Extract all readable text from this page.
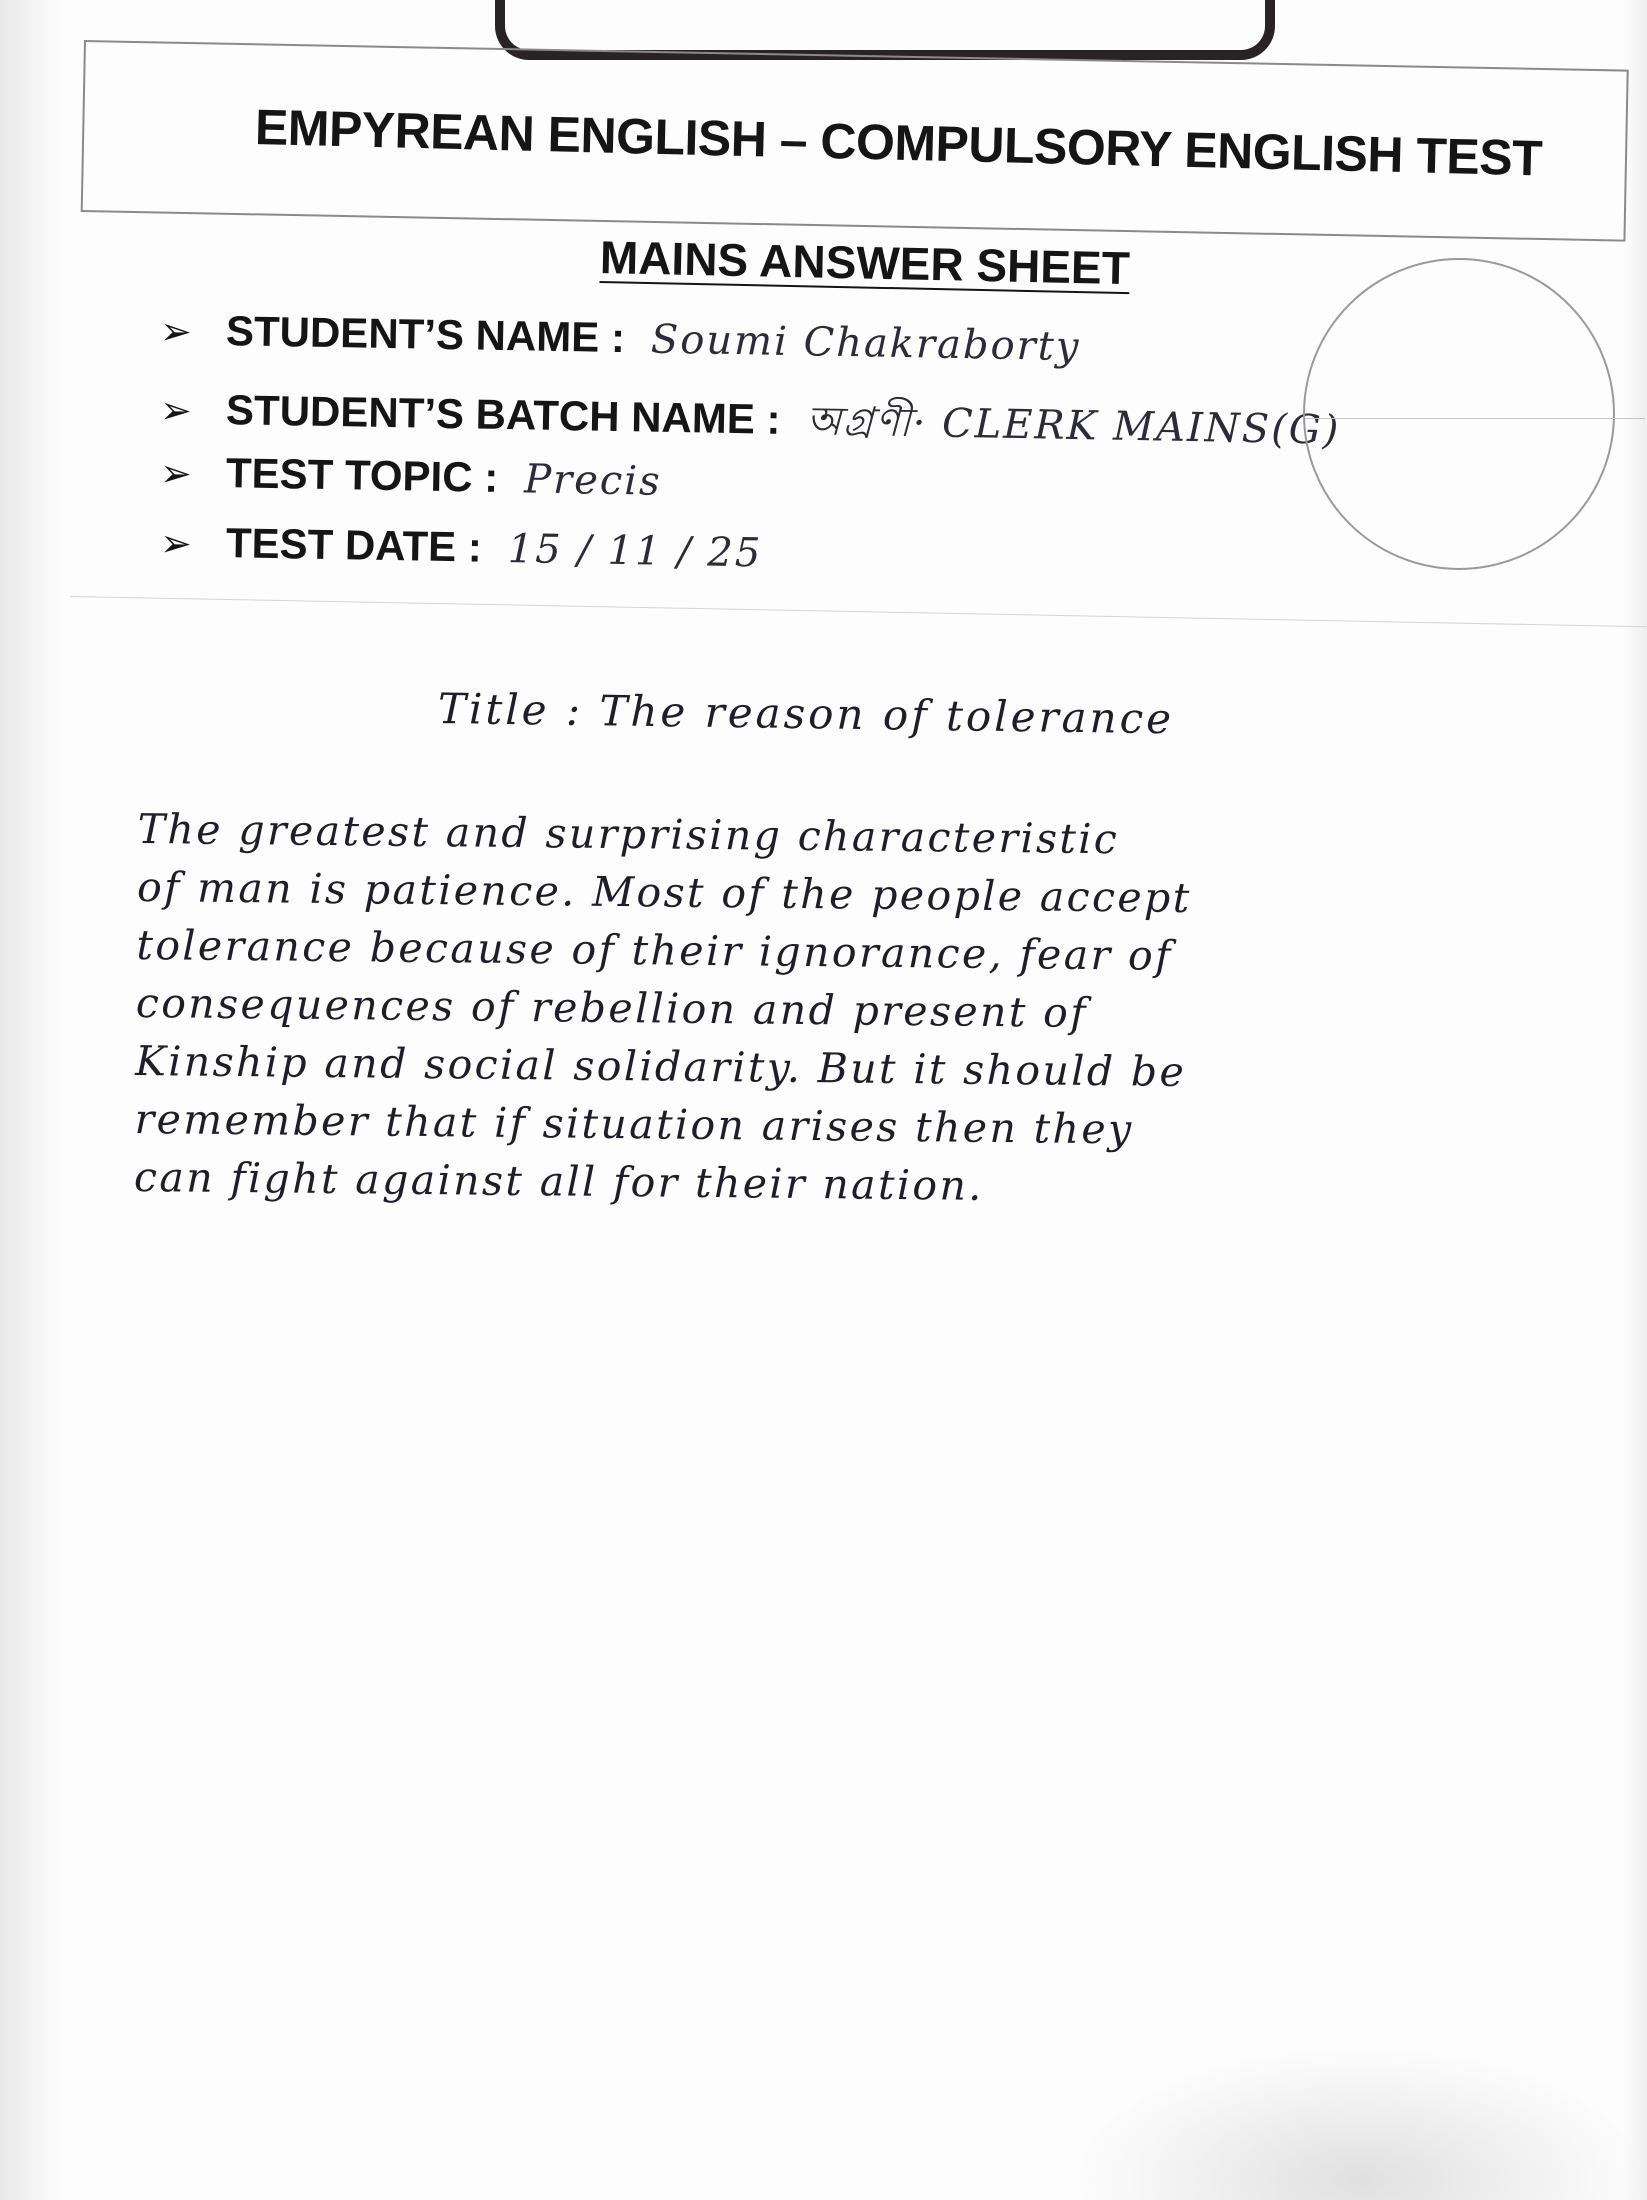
EMPYREAN ENGLISH – COMPULSORY ENGLISH TEST
MAINS ANSWER SHEET
➢ STUDENT’S NAME : Soumi Chakraborty
➢ STUDENT’S BATCH NAME : অগ্রণী· CLERK MAINS(G)
➢ TEST TOPIC : Precis
➢ TEST DATE : 15 / 11 / 25
Title : The reason of tolerance
The greatest and surprising characteristic
of man is patience. Most of the people accept
tolerance because of their ignorance, fear of
consequences of rebellion and present of
Kinship and social solidarity. But it should be
remember that if situation arises then they
can fight against all for their nation.
